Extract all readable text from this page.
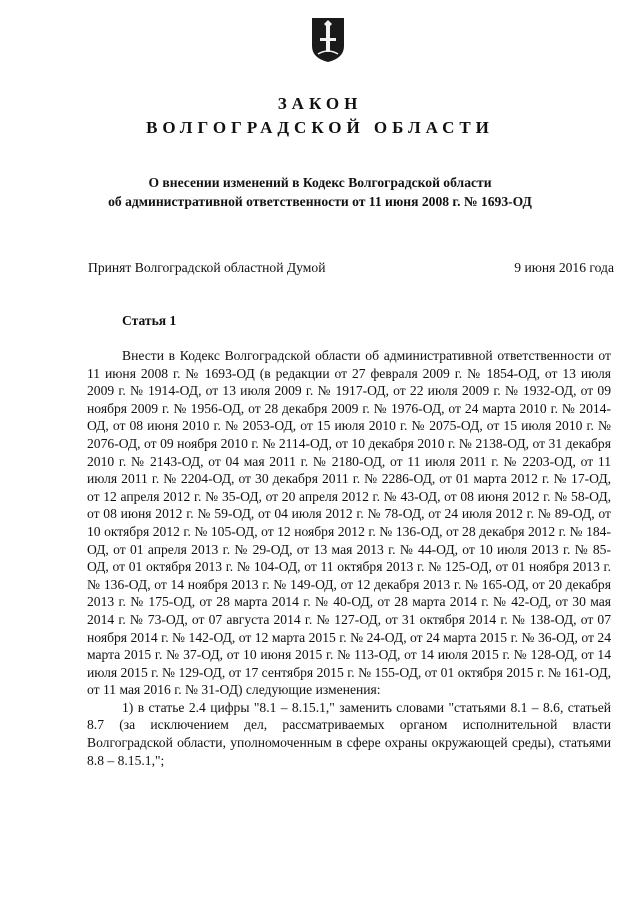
ЗАКОН
ВОЛГОГРАДСКОЙ ОБЛАСТИ
О внесении изменений в Кодекс Волгоградской области
об административной ответственности от 11 июня 2008 г. № 1693-ОД
Принят Волгоградской областной Думой	9 июня 2016 года
Статья 1

Внести в Кодекс Волгоградской области об административной ответственности от 11 июня 2008 г. № 1693-ОД (в редакции от 27 февраля 2009 г. № 1854-ОД, от 13 июля 2009 г. № 1914-ОД, от 13 июля 2009 г. № 1917-ОД, от 22 июля 2009 г. № 1932-ОД, от 09 ноября 2009 г. № 1956-ОД, от 28 декабря 2009 г. № 1976-ОД, от 24 марта 2010 г. № 2014-ОД, от 08 июня 2010 г. № 2053-ОД, от 15 июля 2010 г. № 2075-ОД, от 15 июля 2010 г. № 2076-ОД, от 09 ноября 2010 г. № 2114-ОД, от 10 декабря 2010 г. № 2138-ОД, от 31 декабря 2010 г. № 2143-ОД, от 04 мая 2011 г. № 2180-ОД, от 11 июля 2011 г. № 2203-ОД, от 11 июля 2011 г. № 2204-ОД, от 30 декабря 2011 г. № 2286-ОД, от 01 марта 2012 г. № 17-ОД, от 12 апреля 2012 г. № 35-ОД, от 20 апреля 2012 г. № 43-ОД, от 08 июня 2012 г. № 58-ОД, от 08 июня 2012 г. № 59-ОД, от 04 июля 2012 г. № 78-ОД, от 24 июля 2012 г. № 89-ОД, от 10 октября 2012 г. № 105-ОД, от 12 ноября 2012 г. № 136-ОД, от 28 декабря 2012 г. № 184-ОД, от 01 апреля 2013 г. № 29-ОД, от 13 мая 2013 г. № 44-ОД, от 10 июля 2013 г. № 85-ОД, от 01 октября 2013 г. № 104-ОД, от 11 октября 2013 г. № 125-ОД, от 01 ноября 2013 г. № 136-ОД, от 14 ноября 2013 г. № 149-ОД, от 12 декабря 2013 г. № 165-ОД, от 20 декабря 2013 г. № 175-ОД, от 28 марта 2014 г. № 40-ОД, от 28 марта 2014 г. № 42-ОД, от 30 мая 2014 г. № 73-ОД, от 07 августа 2014 г. № 127-ОД, от 31 октября 2014 г. № 138-ОД, от 07 ноября 2014 г. № 142-ОД, от 12 марта 2015 г. № 24-ОД, от 24 марта 2015 г. № 36-ОД, от 24 марта 2015 г. № 37-ОД, от 10 июня 2015 г. № 113-ОД, от 14 июля 2015 г. № 128-ОД, от 14 июля 2015 г. № 129-ОД, от 17 сентября 2015 г. № 155-ОД, от 01 октября 2015 г. № 161-ОД, от 11 мая 2016 г. № 31-ОД) следующие изменения:

1) в статье 2.4 цифры "8.1 – 8.15.1," заменить словами "статьями 8.1 – 8.6, статьей 8.7 (за исключением дел, рассматриваемых органом исполнительной власти Волгоградской области, уполномоченным в сфере охраны окружающей среды), статьями 8.8 – 8.15.1,";
